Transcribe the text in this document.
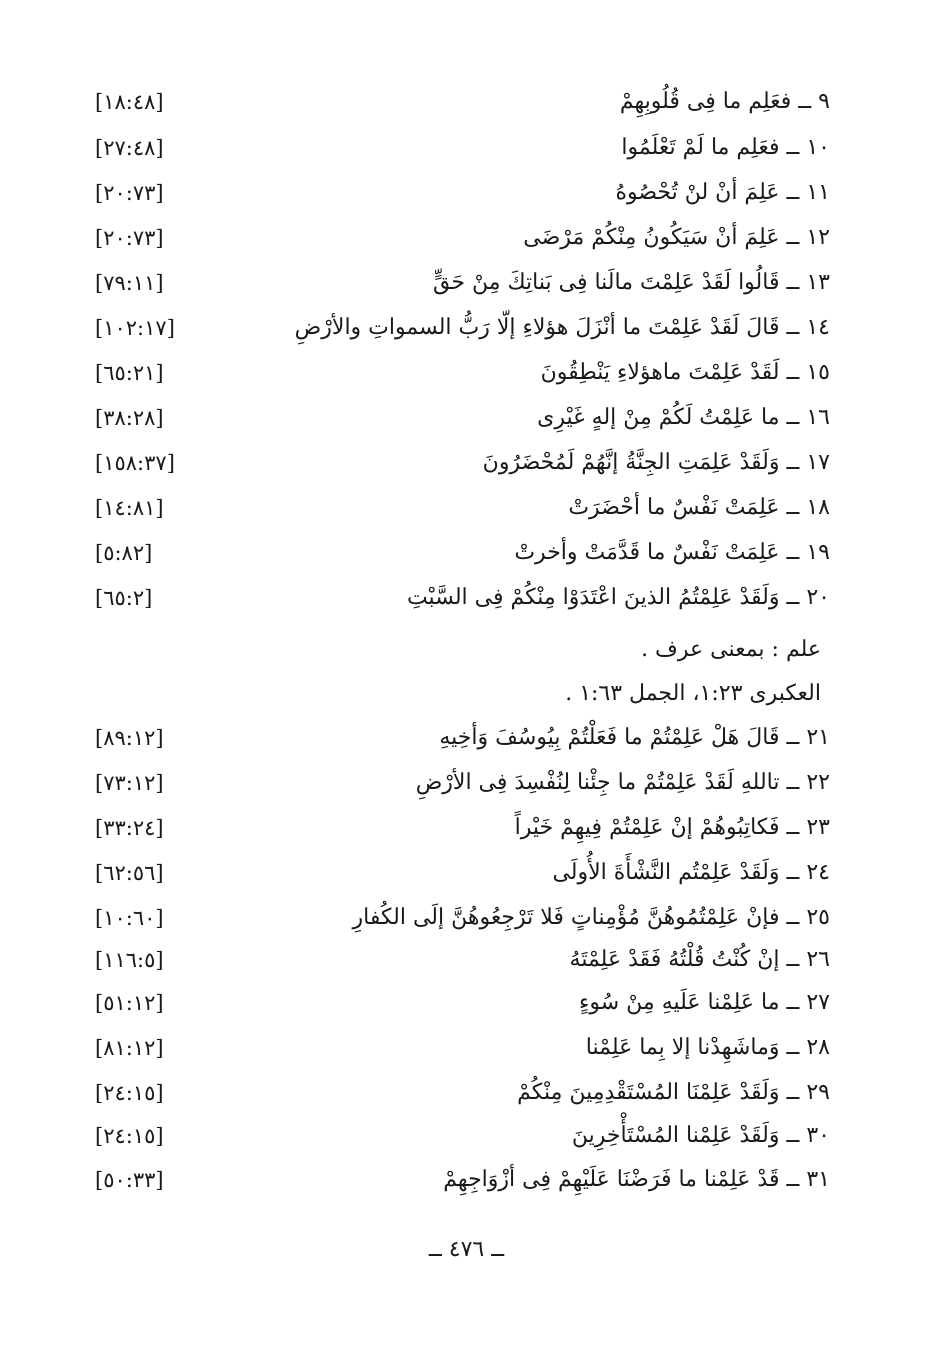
٩ ــ فعَلِم ما فِى قُلُوبِهِمْ
[١٨:٤٨]
١٠ ــ فعَلِم ما لَمْ تَعْلَمُوا
[٢٧:٤٨]
١١ ــ عَلِمَ أنْ لنْ تُحْصُوهُ
[٢٠:٧٣]
١٢ ــ عَلِمَ أنْ سَيَكُونُ مِنْكُمْ مَرْضَى
[٢٠:٧٣]
١٣ ــ قَالُوا لَقَدْ عَلِمْتَ مالَنا فِى بَناتِكَ مِنْ حَقٍّ
[٧٩:١١]
١٤ ــ قَالَ لَقَدْ عَلِمْتَ ما أنْزَلَ هؤلاءِ إلّا رَبُّ السمواتِ والأرْضِ
[١٠٢:١٧]
١٥ ــ لَقَدْ عَلِمْتَ ماهؤلاءِ يَنْطِقُونَ
[٦٥:٢١]
١٦ ــ ما عَلِمْتُ لَكُمْ مِنْ إلهٍ غَيْرِى
[٣٨:٢٨]
١٧ ــ وَلَقَدْ عَلِمَتِ الجِنَّةُ إنَّهُمْ لَمُحْضَرُونَ
[١٥٨:٣٧]
١٨ ــ عَلِمَتْ نَفْسٌ ما أحْضَرَتْ
[١٤:٨١]
١٩ ــ عَلِمَتْ نَفْسٌ ما قَدَّمَتْ وأخرتْ
[٥:٨٢]
٢٠ ــ وَلَقَدْ عَلِمْتُمُ الذينَ اعْتَدَوْا مِنْكُمْ فِى السَّبْتِ
[٦٥:٢]
علم : بمعنى عرف .
العكبرى ١:٢٣، الجمل ١:٦٣ .
٢١ ــ قَالَ هَلْ عَلِمْتُمْ ما فَعَلْتُمْ بِيُوسُفَ وَأخِيهِ
[٨٩:١٢]
٢٢ ــ تاللهِ لَقَدْ عَلِمْتُمْ ما جِئْنا لِنُفْسِدَ فِى الأرْضِ
[٧٣:١٢]
٢٣ ــ فَكاتِبُوهُمْ إنْ عَلِمْتُمْ فِيهِمْ خَيْراً
[٣٣:٢٤]
٢٤ ــ وَلَقَدْ عَلِمْتُم النَّشْأَةَ الأُولَى
[٦٢:٥٦]
٢٥ ــ فإنْ عَلِمْتُمُوهُنَّ مُؤْمِناتٍ فَلا تَرْجِعُوهُنَّ إلَى الكُفارِ
[١٠:٦٠]
٢٦ ــ إنْ كُنْتُ قُلْتُهُ فَقَدْ عَلِمْتَهُ
[١١٦:٥]
٢٧ ــ ما عَلِمْنا عَلَيهِ مِنْ سُوءٍ
[٥١:١٢]
٢٨ ــ وَماشَهِدْنا إلا بِما عَلِمْنا
[٨١:١٢]
٢٩ ــ وَلَقَدْ عَلِمْنَا المُسْتَقْدِمِينَ مِنْكُمْ
[٢٤:١٥]
٣٠ ــ وَلَقَدْ عَلِمْنا المُسْتَأْخِرِينَ
[٢٤:١٥]
٣١ ــ قَدْ عَلِمْنا ما فَرَضْنَا عَلَيْهِمْ فِى أزْوَاجِهِمْ
[٥٠:٣٣]
ــ ٤٧٦ ــ
